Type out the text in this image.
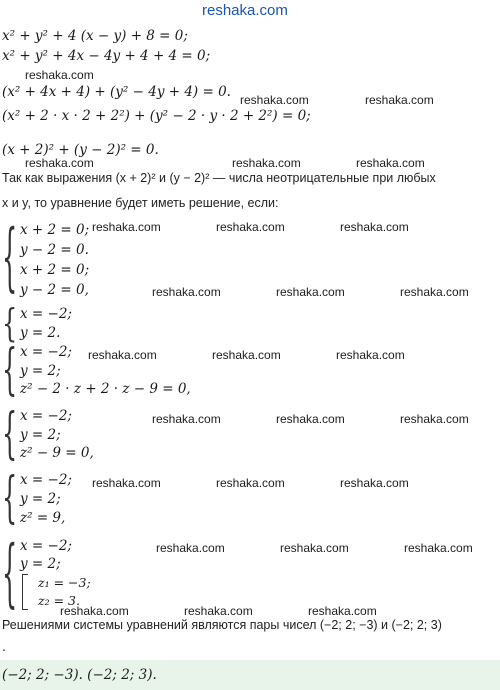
reshaka.com
x² + y² + 4 (x − y) + 8 = 0;
x² + y² + 4x − 4y + 4 + 4 = 0;
reshaka.com
(x² + 4x + 4) + (y² − 4y + 4) = 0. reshaka.com	reshaka.com
(x² + 2 · x · 2 + 2²) + (y² − 2 · y · 2 + 2²) = 0;
(x + 2)² + (y − 2)² = 0.
reshaka.com	reshaka.com	reshaka.com
Так как выражения (x + 2)² и (y − 2)² — числа неотрицательные при любых
x и y, то уравнение будет иметь решение, если:
{ x + 2 = 0;
y − 2 = 0.
x + 2 = 0;
y − 2 = 0,
reshaka.com	reshaka.com	reshaka.com
reshaka.com	reshaka.com	reshaka.com
{ x = −2;
y = 2.
{ x = −2;
y = 2;
z² − 2 · z + 2 · z − 9 = 0,
reshaka.com	reshaka.com	reshaka.com
{ x = −2;
y = 2;
z² − 9 = 0,
reshaka.com	reshaka.com	reshaka.com
{ x = −2;
y = 2;
z² = 9,
reshaka.com	reshaka.com	reshaka.com
{ x = −2;
y = 2;
z₁ = −3;
z₂ = 3.
reshaka.com	reshaka.com	reshaka.com
reshaka.com	reshaka.com	reshaka.com
Решениями системы уравнений являются пары чисел (−2; 2; −3) и (−2; 2; 3)
.
(−2; 2; −3). (−2; 2; 3).
